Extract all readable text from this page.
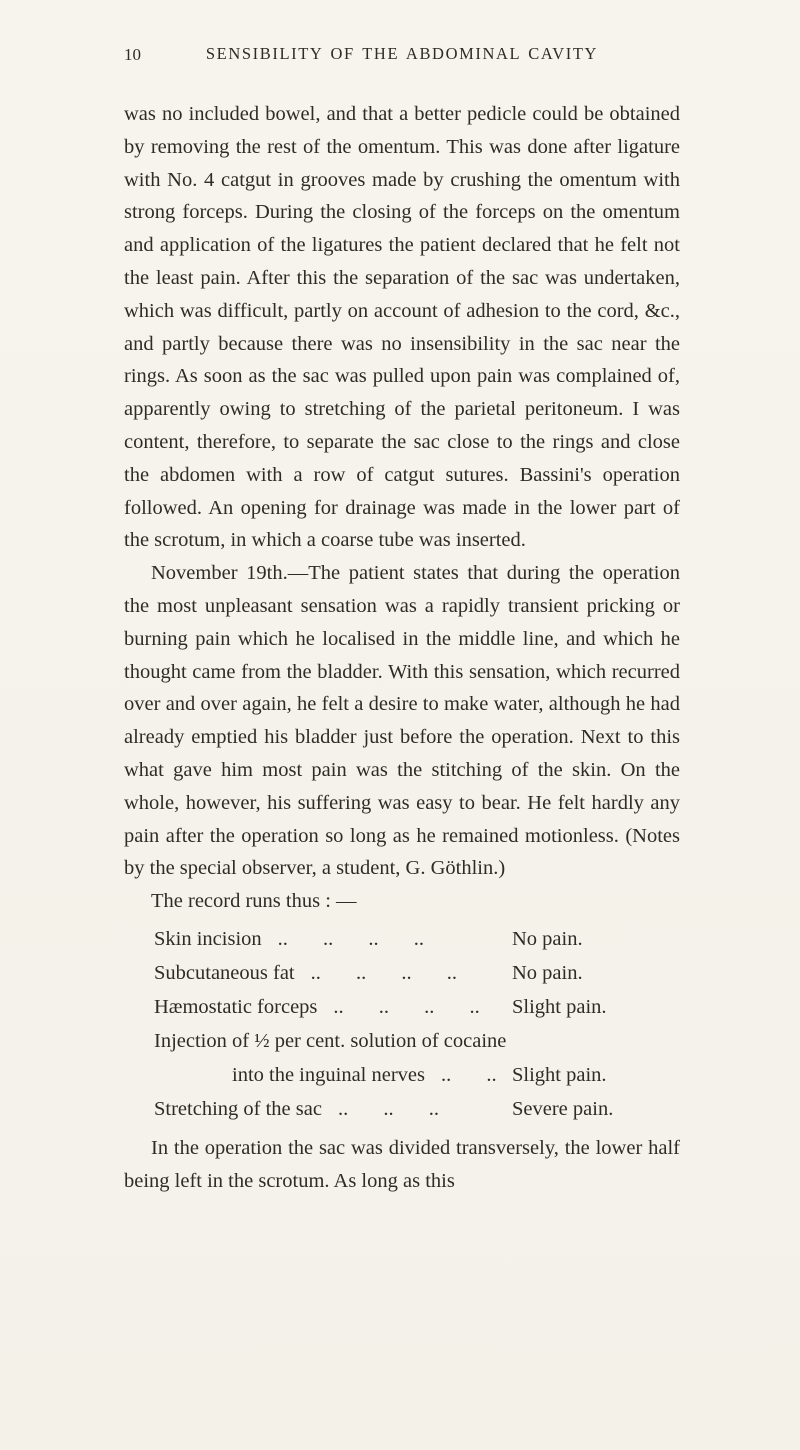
10	SENSIBILITY OF THE ABDOMINAL CAVITY

was no included bowel, and that a better pedicle could be obtained by removing the rest of the omentum. This was done after ligature with No. 4 catgut in grooves made by crushing the omentum with strong forceps. During the closing of the forceps on the omentum and application of the ligatures the patient declared that he felt not the least pain. After this the separation of the sac was undertaken, which was difficult, partly on account of adhesion to the cord, &c., and partly because there was no insensibility in the sac near the rings. As soon as the sac was pulled upon pain was complained of, apparently owing to stretching of the parietal peritoneum. I was content, therefore, to separate the sac close to the rings and close the abdomen with a row of catgut sutures. Bassini's operation followed. An opening for drainage was made in the lower part of the scrotum, in which a coarse tube was inserted.

November 19th.—The patient states that during the operation the most unpleasant sensation was a rapidly transient pricking or burning pain which he localised in the middle line, and which he thought came from the bladder. With this sensation, which recurred over and over again, he felt a desire to make water, although he had already emptied his bladder just before the operation. Next to this what gave him most pain was the stitching of the skin. On the whole, however, his suffering was easy to bear. He felt hardly any pain after the operation so long as he remained motionless. (Notes by the special observer, a student, G. Göthlin.)

The record runs thus : —

Skin incision .. .. .. ..	No pain.
Subcutaneous fat .. .. .. ..	No pain.
Hæmostatic forceps .. .. .. ..	Slight pain.
Injection of ½ per cent. solution of cocaine
into the inguinal nerves .. .. Slight pain.
Stretching of the sac .. .. ..	Severe pain.

In the operation the sac was divided transversely, the lower half being left in the scrotum. As long as this
